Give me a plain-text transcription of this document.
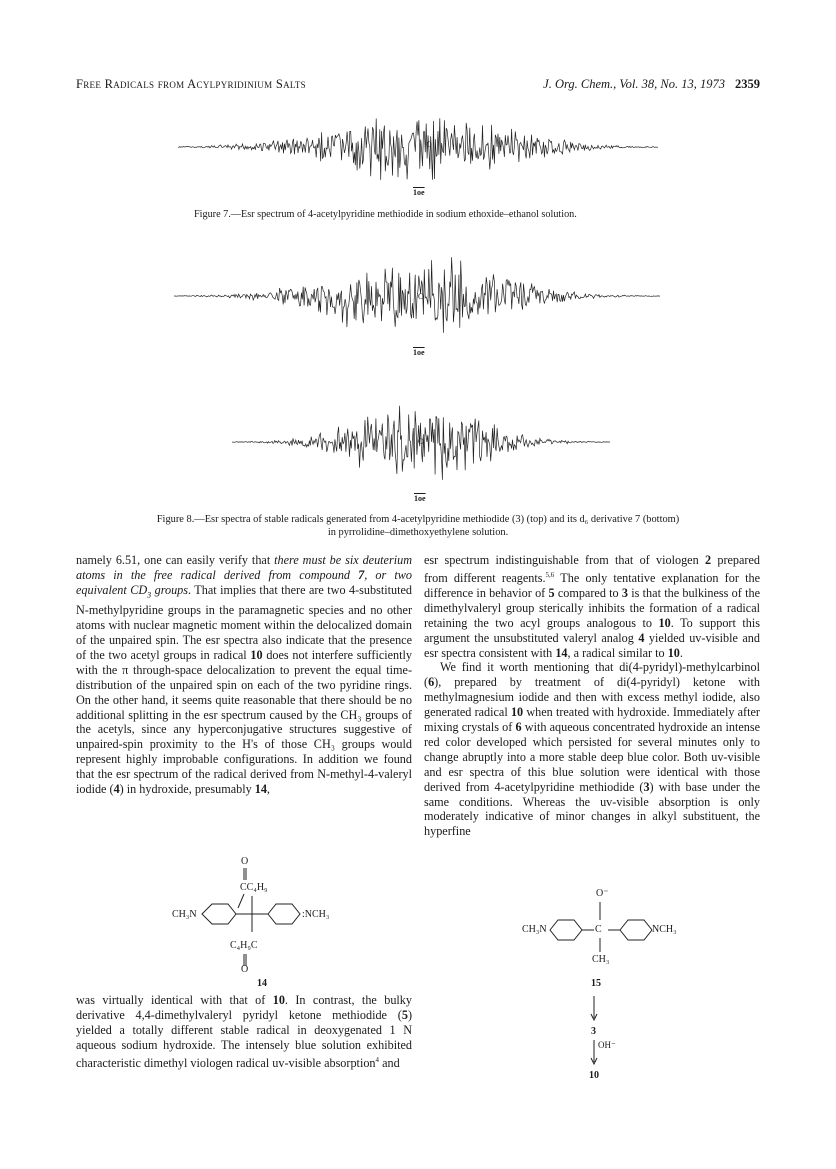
Free Radicals from Acylpyridinium Salts	J. Org. Chem., Vol. 38, No. 13, 1973 2359
1oe
Figure 7.—Esr spectrum of 4-acetylpyridine methiodide in sodium ethoxide–ethanol solution.
1oe
1oe
Figure 8.—Esr spectra of stable radicals generated from 4-acetylpyridine methiodide (3) (top) and its d₆ derivative 7 (bottom)
in pyrrolidine–dimethoxyethylene solution.

namely 6.51, one can easily verify that there must be six deuterium atoms in the free radical derived from compound 7, or two equivalent $CD_3$ groups. That implies that there are two 4-substituted N-methylpyridine groups in the paramagnetic species and no other atoms with nuclear magnetic moment within the delocalized domain of the unpaired spin. The esr spectra also indicate that the presence of the two acetyl groups in radical 10 does not interfere sufficiently with the π through-space delocalization to prevent the equal time-distribution of the unpaired spin on each of the two pyridine rings. On the other hand, it seems quite reasonable that there should be no additional splitting in the esr spectrum caused by the CH₃ groups of the acetyls, since any hyperconjugative structures suggestive of unpaired-spin proximity to the H's of those CH₃ groups would represent highly improbable configurations. In addition we found that the esr spectrum of the radical derived from N-methyl-4-valeryl iodide (4) in hydroxide, presumably 14,

O
CC₄H₉
CH₃N	:NCH₃
C₄H₉C
O
14

was virtually identical with that of 10. In contrast, the bulky derivative 4,4-dimethylvaleryl pyridyl ketone methiodide (5) yielded a totally different stable radical in deoxygenated 1 N aqueous sodium hydroxide. The intensely blue solution exhibited characteristic dimethyl viologen radical uv-visible absorption$^4$ and

esr spectrum indistinguishable from that of viologen 2 prepared from different reagents.$^{5,6}$ The only tentative explanation for the difference in behavior of 5 compared to 3 is that the bulkiness of the dimethylvaleryl group sterically inhibits the formation of a radical retaining the two acyl groups analogous to 10. To support this argument the unsubstituted valeryl analog 4 yielded uv-visible and esr spectra consistent with 14, a radical similar to 10.

We find it worth mentioning that di(4-pyridyl)-methylcarbinol (6), prepared by treatment of di(4-pyridyl) ketone with methylmagnesium iodide and then with excess methyl iodide, also generated radical 10 when treated with hydroxide. Immediately after mixing crystals of 6 with aqueous concentrated hydroxide an intense red color developed which persisted for several minutes only to change abruptly into a more stable deep blue color. Both uv-visible and esr spectra of this blue solution were identical with those derived from 4-acetylpyridine methiodide (3) with base under the same conditions. Whereas the uv-visible absorption is only moderately indicative of minor changes in alkyl substituent, the hyperfine

O⁻
CH₃N	C	NCH₃
CH₃
15
3
OH⁻
10
O
O
O
